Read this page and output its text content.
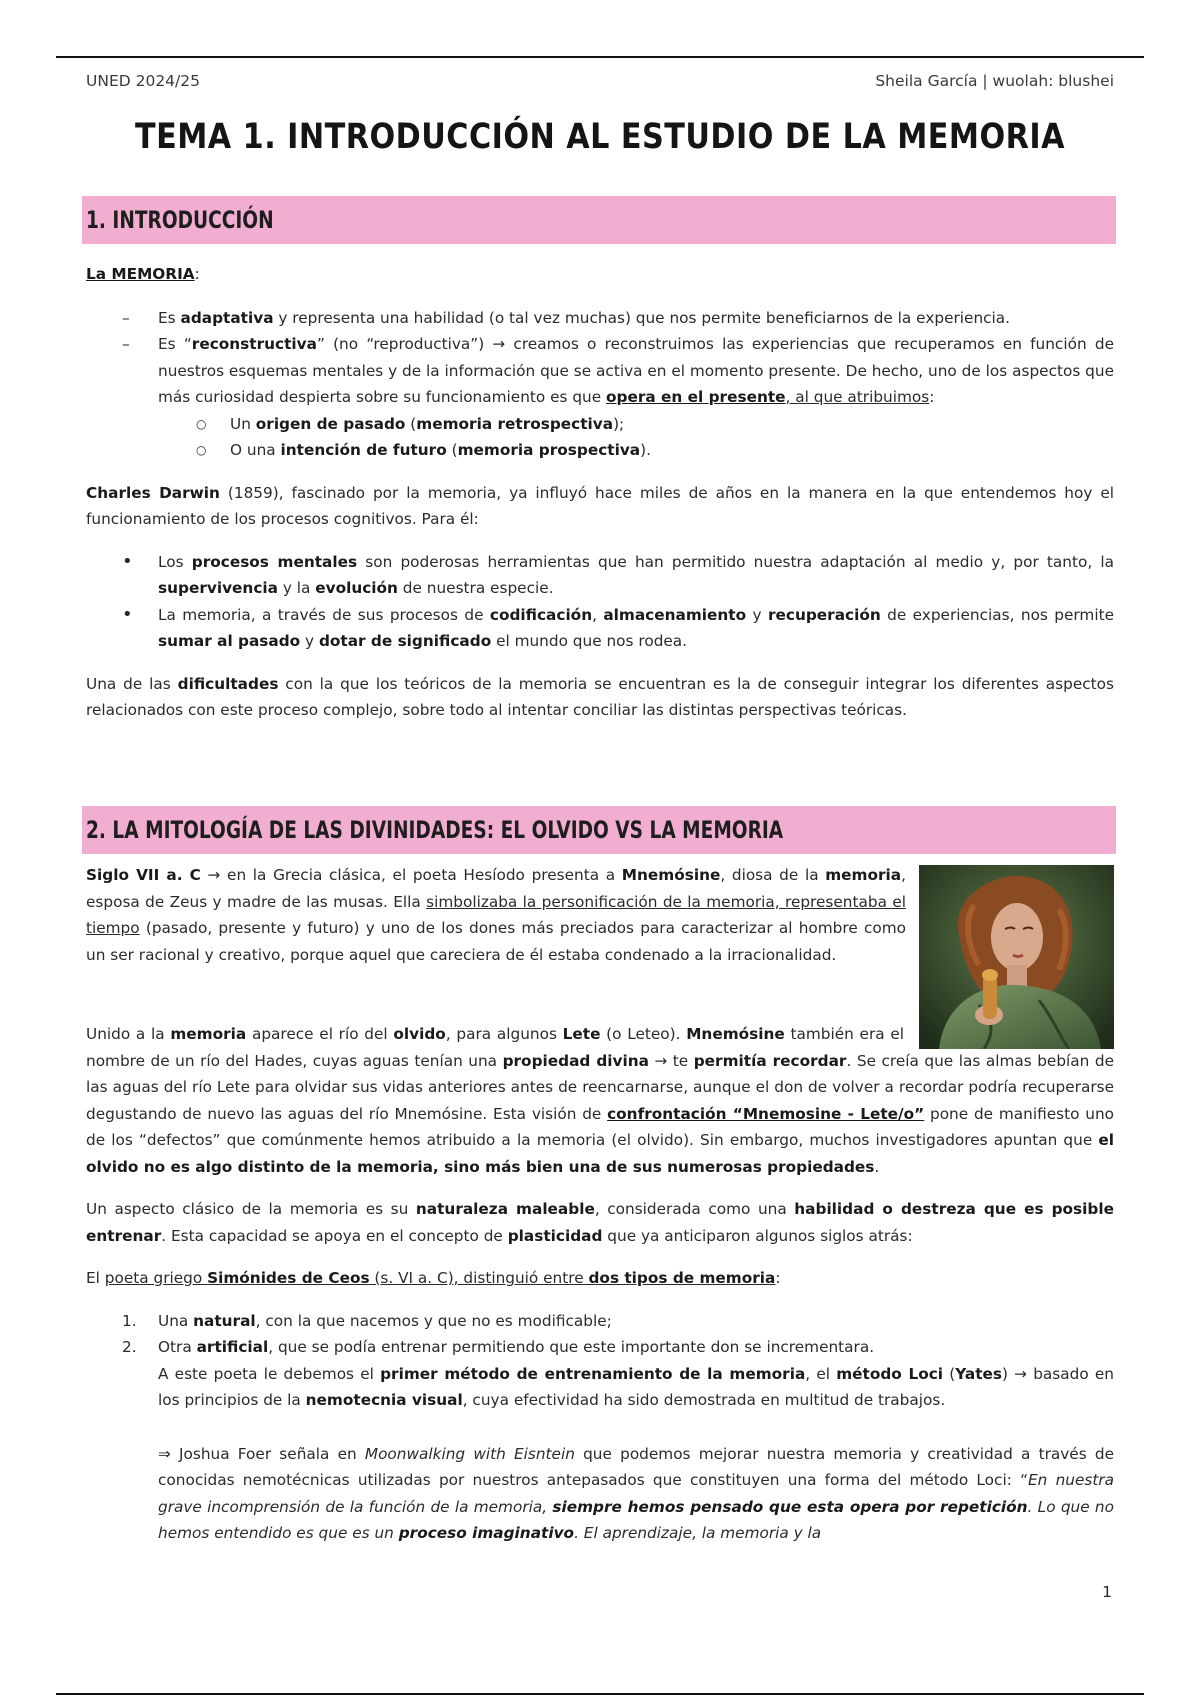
UNED 2024/25	Sheila García | wuolah: blushei
TEMA 1. INTRODUCCIÓN AL ESTUDIO DE LA MEMORIA
1. INTRODUCCIÓN

La MEMORIA:

– Es adaptativa y representa una habilidad (o tal vez muchas) que nos permite beneficiarnos de la experiencia.
– Es “reconstructiva” (no “reproductiva”) → creamos o reconstruimos las experiencias que recuperamos en función de nuestros esquemas mentales y de la información que se activa en el momento presente. De hecho, uno de los aspectos que más curiosidad despierta sobre su funcionamiento es que opera en el presente, al que atribuimos:
○ Un origen de pasado (memoria retrospectiva);
○ O una intención de futuro (memoria prospectiva).

Charles Darwin (1859), fascinado por la memoria, ya influyó hace miles de años en la manera en la que entendemos hoy el funcionamiento de los procesos cognitivos. Para él:

• Los procesos mentales son poderosas herramientas que han permitido nuestra adaptación al medio y, por tanto, la supervivencia y la evolución de nuestra especie.
• La memoria, a través de sus procesos de codificación, almacenamiento y recuperación de experiencias, nos permite sumar al pasado y dotar de significado el mundo que nos rodea.

Una de las dificultades con la que los teóricos de la memoria se encuentran es la de conseguir integrar los diferentes aspectos relacionados con este proceso complejo, sobre todo al intentar conciliar las distintas perspectivas teóricas.

2. LA MITOLOGÍA DE LAS DIVINIDADES: EL OLVIDO VS LA MEMORIA

Siglo VII a. C → en la Grecia clásica, el poeta Hesíodo presenta a Mnemósine, diosa de la memoria, esposa de Zeus y madre de las musas. Ella simbolizaba la personificación de la memoria, representaba el tiempo (pasado, presente y futuro) y uno de los dones más preciados para caracterizar al hombre como un ser racional y creativo, porque aquel que careciera de él estaba condenado a la irracionalidad.

Unido a la memoria aparece el río del olvido, para algunos Lete (o Leteo). Mnemósine también era el nombre de un río del Hades, cuyas aguas tenían una propiedad divina → te permitía recordar. Se creía que las almas bebían de las aguas del río Lete para olvidar sus vidas anteriores antes de reencarnarse, aunque el don de volver a recordar podría recuperarse degustando de nuevo las aguas del río Mnemósine. Esta visión de confrontación “Mnemosine - Lete/o” pone de manifiesto uno de los “defectos” que comúnmente hemos atribuido a la memoria (el olvido). Sin embargo, muchos investigadores apuntan que el olvido no es algo distinto de la memoria, sino más bien una de sus numerosas propiedades.

Un aspecto clásico de la memoria es su naturaleza maleable, considerada como una habilidad o destreza que es posible entrenar. Esta capacidad se apoya en el concepto de plasticidad que ya anticiparon algunos siglos atrás:

El poeta griego Simónides de Ceos (s. VI a. C), distinguió entre dos tipos de memoria:

1. Una natural, con la que nacemos y que no es modificable;
2. Otra artificial, que se podía entrenar permitiendo que este importante don se incrementara.
A este poeta le debemos el primer método de entrenamiento de la memoria, el método Loci (Yates) → basado en los principios de la nemotecnia visual, cuya efectividad ha sido demostrada en multitud de trabajos.

⇒ Joshua Foer señala en Moonwalking with Eisntein que podemos mejorar nuestra memoria y creatividad a través de conocidas nemotécnicas utilizadas por nuestros antepasados que constituyen una forma del método Loci: “En nuestra grave incomprensión de la función de la memoria, siempre hemos pensado que esta opera por repetición. Lo que no hemos entendido es que es un proceso imaginativo. El aprendizaje, la memoria y la

1
